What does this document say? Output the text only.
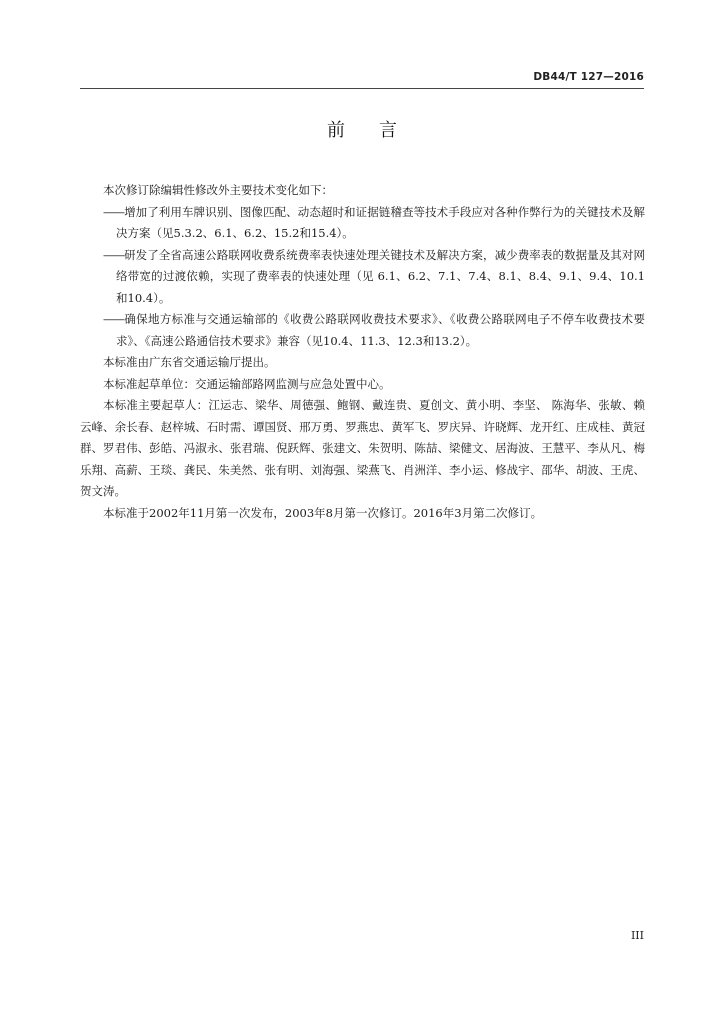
DB44/T 127—2016
前言

本次修订除编辑性修改外主要技术变化如下：

——增加了利用车牌识别、图像匹配、动态超时和证据链稽查等技术手段应对各种作弊行为的关键技术及解决方案（见5.3.2、6.1、6.2、15.2和15.4）。

——研发了全省高速公路联网收费系统费率表快速处理关键技术及解决方案，减少费率表的数据量及其对网络带宽的过渡依赖，实现了费率表的快速处理（见 6.1、6.2、7.1、7.4、8.1、8.4、9.1、9.4、10.1和10.4）。

——确保地方标准与交通运输部的《收费公路联网收费技术要求》、《收费公路联网电子不停车收费技术要求》、《高速公路通信技术要求》兼容（见10.4、11.3、12.3和13.2）。

本标准由广东省交通运输厅提出。

本标准起草单位：交通运输部路网监测与应急处置中心。

本标准主要起草人：江运志、梁华、周德强、鲍钢、戴连贵、夏创文、黄小明、李坚、 陈海华、张敏、赖云峰、余长春、赵梓城、石时需、谭国贤、邢万勇、罗燕忠、黄军飞、罗庆异、许晓辉、龙开红、庄成桂、黄冠群、罗君伟、彭皓、冯淑永、张君瑞、倪跃辉、张建文、朱贺明、陈喆、梁健文、居海波、王慧平、李从凡、梅乐翔、高薪、王琰、龚民、朱美然、张有明、刘海强、梁燕飞、肖洲洋、李小运、修战宇、邵华、胡波、王虎、贺文涛。

本标准于2002年11月第一次发布，2003年8月第一次修订。2016年3月第二次修订。

III
